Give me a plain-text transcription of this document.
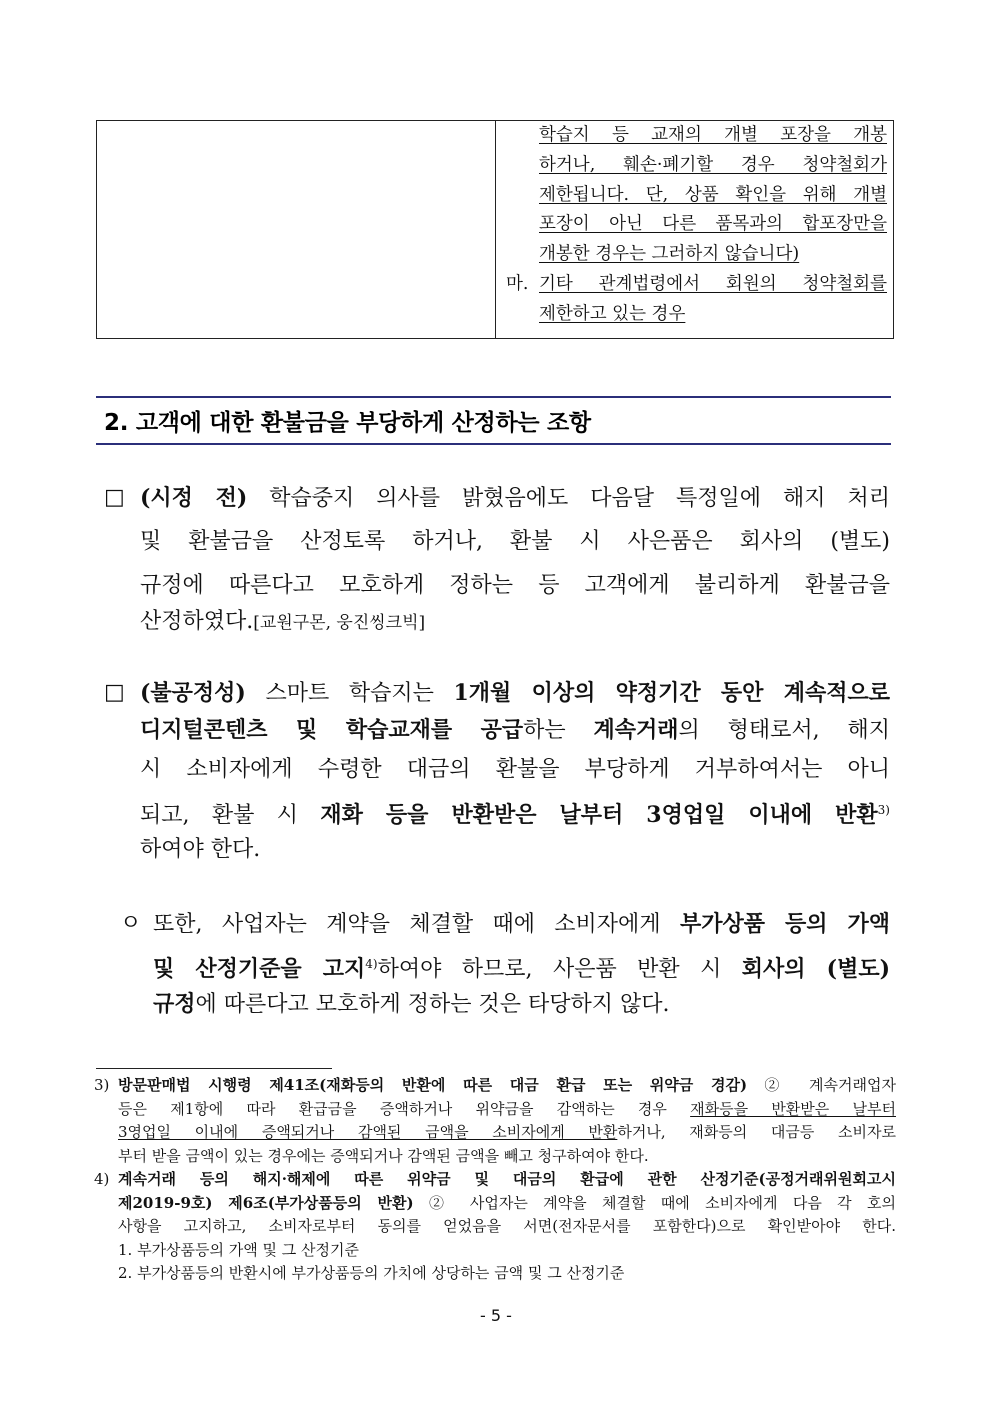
학습지 등 교재의 개별 포장을 개봉
하거나, 훼손·폐기할 경우 청약철회가
제한됩니다. 단, 상품 확인을 위해 개별
포장이 아닌 다른 품목과의 합포장만을
개봉한 경우는 그러하지 않습니다)
마. 기타 관계법령에서 회원의 청약철회를
제한하고 있는 경우
2. 고객에 대한 환불금을 부당하게 산정하는 조항
□ (시정 전) 학습중지 의사를 밝혔음에도 다음달 특정일에 해지 처리
및 환불금을 산정토록 하거나, 환불 시 사은품은 회사의 (별도)
규정에 따른다고 모호하게 정하는 등 고객에게 불리하게 환불금을
산정하였다.[교원구몬, 웅진씽크빅]
□ (불공정성) 스마트 학습지는 1개월 이상의 약정기간 동안 계속적으로
디지털콘텐츠 및 학습교재를 공급하는 계속거래의 형태로서, 해지
시 소비자에게 수령한 대금의 환불을 부당하게 거부하여서는 아니
되고, 환불 시 재화 등을 반환받은 날부터 3영업일 이내에 반환$^{3)}$
하여야 한다.
ㅇ 또한, 사업자는 계약을 체결할 때에 소비자에게 부가상품 등의 가액
및 산정기준을 고지$^{4)}$하여야 하므로, 사은품 반환 시 회사의 (별도)
규정에 따른다고 모호하게 정하는 것은 타당하지 않다.
3) 방문판매법 시행령 제41조(재화등의 반환에 따른 대금 환급 또는 위약금 경감) ② 계속거래업자
등은 제1항에 따라 환급금을 증액하거나 위약금을 감액하는 경우 재화등을 반환받은 날부터
3영업일 이내에 증액되거나 감액된 금액을 소비자에게 반환하거나, 재화등의 대금등 소비자로
부터 받을 금액이 있는 경우에는 증액되거나 감액된 금액을 빼고 청구하여야 한다.
4) 계속거래 등의 해지·해제에 따른 위약금 및 대금의 환급에 관한 산정기준(공정거래위원회고시
제2019-9호) 제6조(부가상품등의 반환) ② 사업자는 계약을 체결할 때에 소비자에게 다음 각 호의
사항을 고지하고, 소비자로부터 동의를 얻었음을 서면(전자문서를 포함한다)으로 확인받아야 한다.
1. 부가상품등의 가액 및 그 산정기준
2. 부가상품등의 반환시에 부가상품등의 가치에 상당하는 금액 및 그 산정기준
- 5 -
